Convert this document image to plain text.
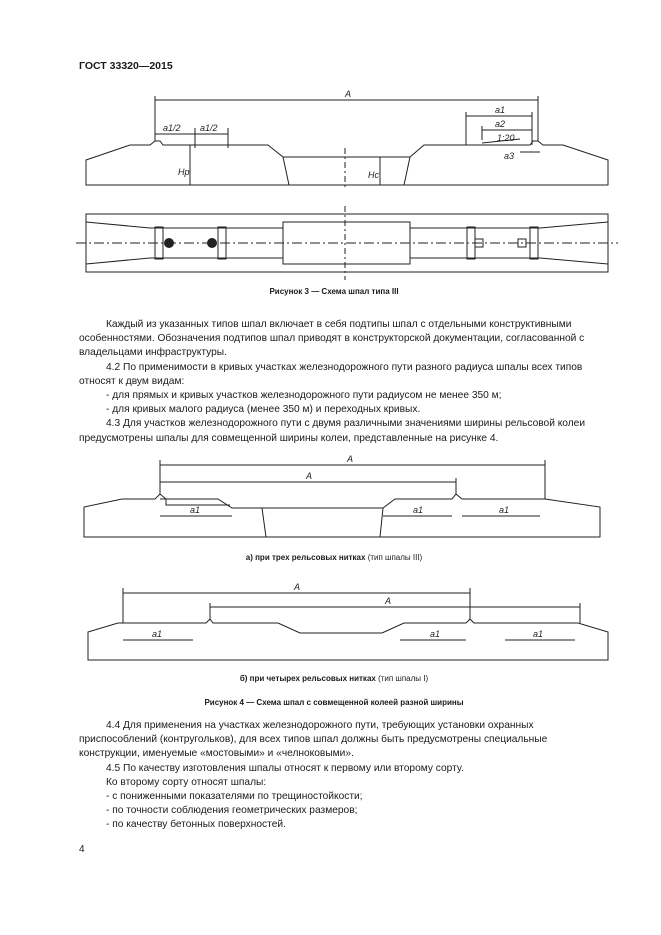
ГОСТ 33320—2015
A
a1/2 a1/2
a1
a2
1:20
a3
Hp	Hc
Рисунок 3 — Схема шпал типа III

Каждый из указанных типов шпал включает в себя подтипы шпал с отдельными конструктивными особенностями. Обозначения подтипов шпал приводят в конструкторской документации, согласованной с владельцами инфраструктуры.

4.2 По применимости в кривых участках железнодорожного пути разного радиуса шпалы всех типов относят к двум видам:

- для прямых и кривых участков железнодорожного пути радиусом не менее 350 м;

- для кривых малого радиуса (менее 350 м) и переходных кривых.

4.3 Для участков железнодорожного пути с двумя различными значениями ширины рельсовой колеи предусмотрены шпалы для совмещенной ширины колеи, представленные на рисунке 4.

A
A
a1	a1	a1
а) при трех рельсовых нитках (тип шпалы III)
A
A
a1	a1	a1
б) при четырех рельсовых нитках (тип шпалы I)
Рисунок 4 — Схема шпал с совмещенной колеей разной ширины

4.4 Для применения на участках железнодорожного пути, требующих установки охранных приспособлений (контругольков), для всех типов шпал должны быть предусмотрены специальные конструкции, именуемые «мостовыми» и «челноковыми».

4.5 По качеству изготовления шпалы относят к первому или второму сорту.

Ко второму сорту относят шпалы:

- с пониженными показателями по трещиностойкости;

- по точности соблюдения геометрических размеров;

- по качеству бетонных поверхностей.

4
